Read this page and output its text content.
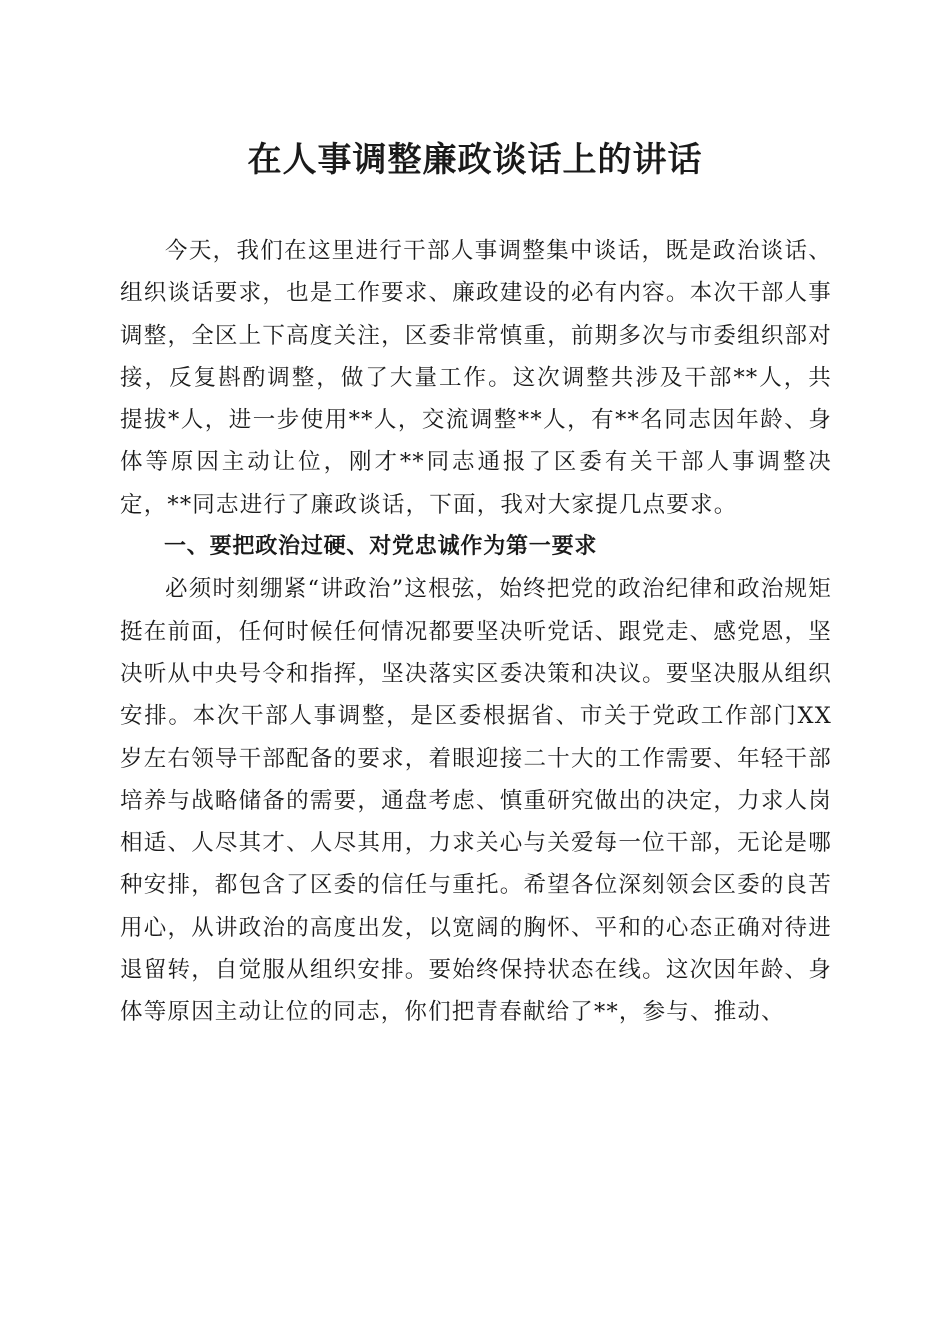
在人事调整廉政谈话上的讲话

今天，我们在这里进行干部人事调整集中谈话，既是政治谈话、组织谈话要求，也是工作要求、廉政建设的必有内容。本次干部人事调整，全区上下高度关注，区委非常慎重，前期多次与市委组织部对接，反复斟酌调整，做了大量工作。这次调整共涉及干部**人，共提拔*人，进一步使用**人，交流调整**人，有**名同志因年龄、身体等原因主动让位，刚才**同志通报了区委有关干部人事调整决定，**同志进行了廉政谈话，下面，我对大家提几点要求。

一、要把政治过硬、对党忠诚作为第一要求

必须时刻绷紧“讲政治”这根弦，始终把党的政治纪律和政治规矩挺在前面，任何时候任何情况都要坚决听党话、跟党走、感党恩，坚决听从中央号令和指挥，坚决落实区委决策和决议。要坚决服从组织安排。本次干部人事调整，是区委根据省、市关于党政工作部门XX岁左右领导干部配备的要求，着眼迎接二十大的工作需要、年轻干部培养与战略储备的需要，通盘考虑、慎重研究做出的决定，力求人岗相适、人尽其才、人尽其用，力求关心与关爱每一位干部，无论是哪种安排，都包含了区委的信任与重托。希望各位深刻领会区委的良苦用心，从讲政治的高度出发，以宽阔的胸怀、平和的心态正确对待进退留转，自觉服从组织安排。要始终保持状态在线。这次因年龄、身体等原因主动让位的同志，你们把青春献给了**，参与、推动、
